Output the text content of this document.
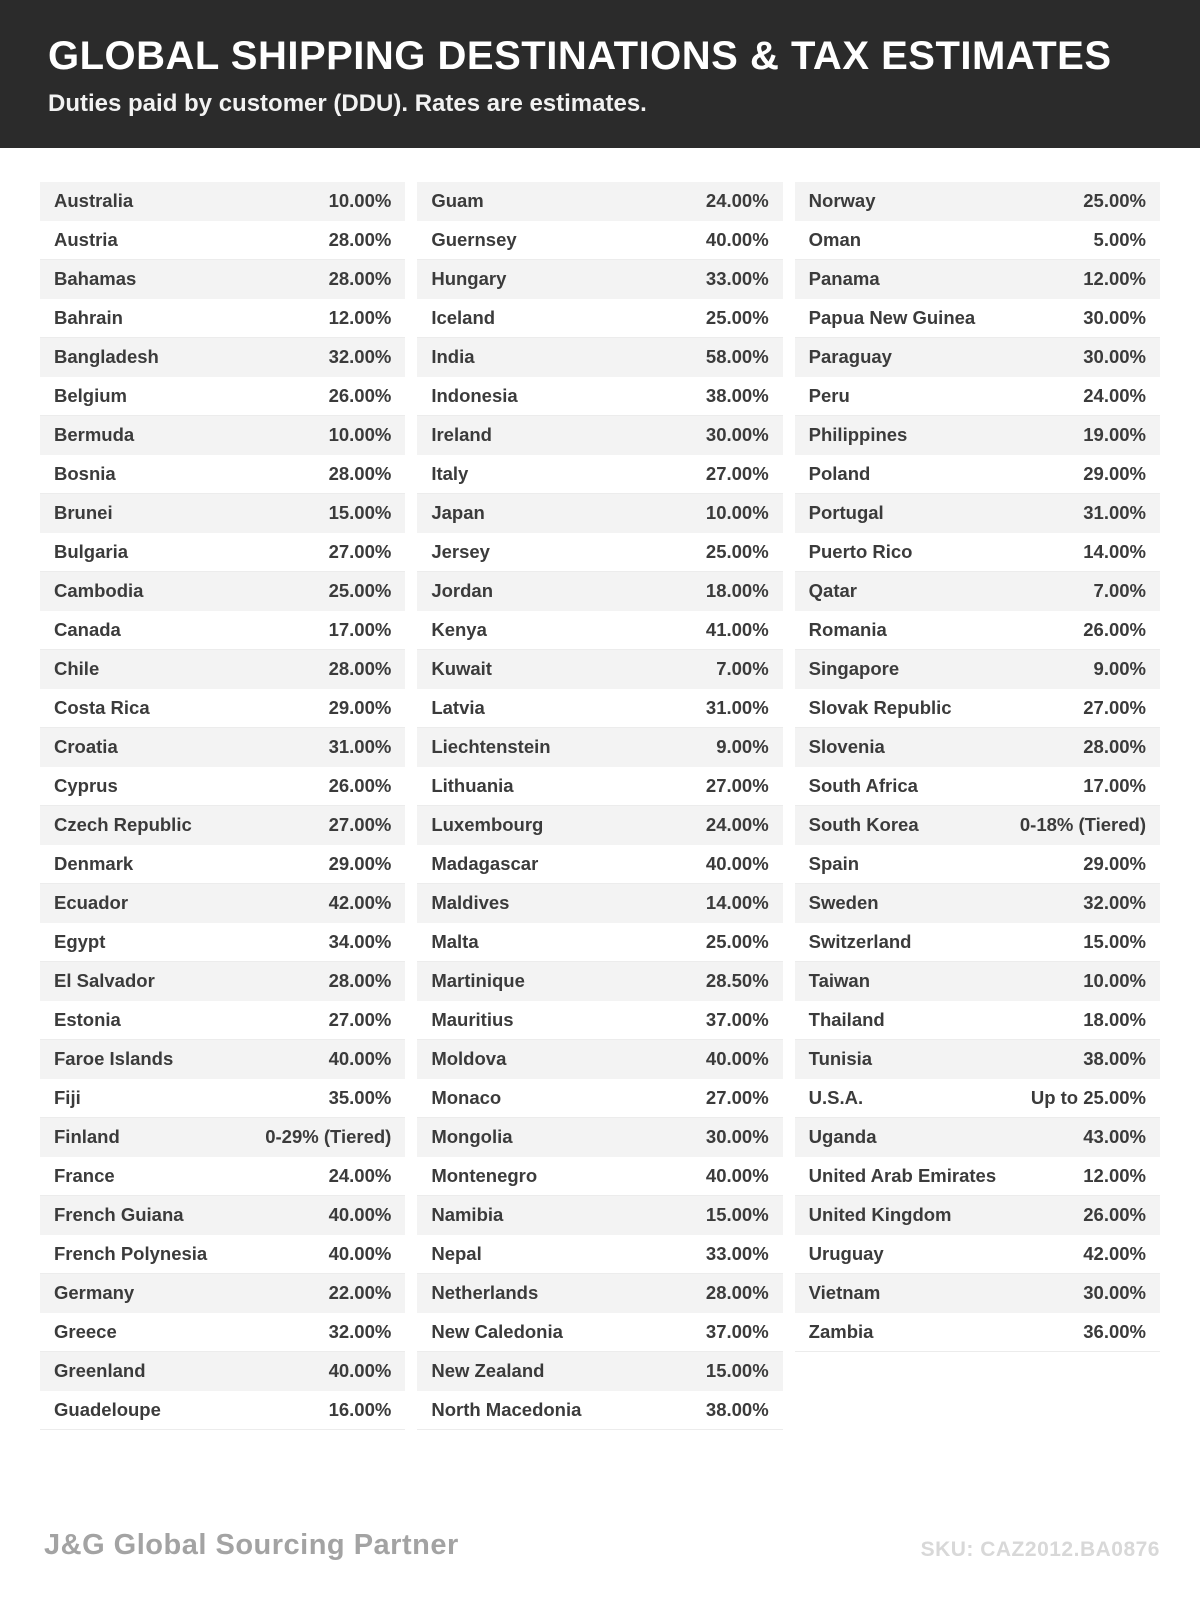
GLOBAL SHIPPING DESTINATIONS & TAX ESTIMATES

Duties paid by customer (DDU). Rates are estimates.

Australia	10.00%
Austria	28.00%
Bahamas	28.00%
Bahrain	12.00%
Bangladesh	32.00%
Belgium	26.00%
Bermuda	10.00%
Bosnia	28.00%
Brunei	15.00%
Bulgaria	27.00%
Cambodia	25.00%
Canada	17.00%
Chile	28.00%
Costa Rica	29.00%
Croatia	31.00%
Cyprus	26.00%
Czech Republic	27.00%
Denmark	29.00%
Ecuador	42.00%
Egypt	34.00%
El Salvador	28.00%
Estonia	27.00%
Faroe Islands	40.00%
Fiji	35.00%
Finland	0-29% (Tiered)
France	24.00%
French Guiana	40.00%
French Polynesia	40.00%
Germany	22.00%
Greece	32.00%
Greenland	40.00%
Guadeloupe	16.00%
Guam	24.00%
Guernsey	40.00%
Hungary	33.00%
Iceland	25.00%
India	58.00%
Indonesia	38.00%
Ireland	30.00%
Italy	27.00%
Japan	10.00%
Jersey	25.00%
Jordan	18.00%
Kenya	41.00%
Kuwait	7.00%
Latvia	31.00%
Liechtenstein	9.00%
Lithuania	27.00%
Luxembourg	24.00%
Madagascar	40.00%
Maldives	14.00%
Malta	25.00%
Martinique	28.50%
Mauritius	37.00%
Moldova	40.00%
Monaco	27.00%
Mongolia	30.00%
Montenegro	40.00%
Namibia	15.00%
Nepal	33.00%
Netherlands	28.00%
New Caledonia	37.00%
New Zealand	15.00%
North Macedonia	38.00%
Norway	25.00%
Oman	5.00%
Panama	12.00%
Papua New Guinea	30.00%
Paraguay	30.00%
Peru	24.00%
Philippines	19.00%
Poland	29.00%
Portugal	31.00%
Puerto Rico	14.00%
Qatar	7.00%
Romania	26.00%
Singapore	9.00%
Slovak Republic	27.00%
Slovenia	28.00%
South Africa	17.00%
South Korea	0-18% (Tiered)
Spain	29.00%
Sweden	32.00%
Switzerland	15.00%
Taiwan	10.00%
Thailand	18.00%
Tunisia	38.00%
U.S.A.	Up to 25.00%
Uganda	43.00%
United Arab Emirates	12.00%
United Kingdom	26.00%
Uruguay	42.00%
Vietnam	30.00%
Zambia	36.00%
J&G Global Sourcing Partner	SKU: CAZ2012.BA0876
